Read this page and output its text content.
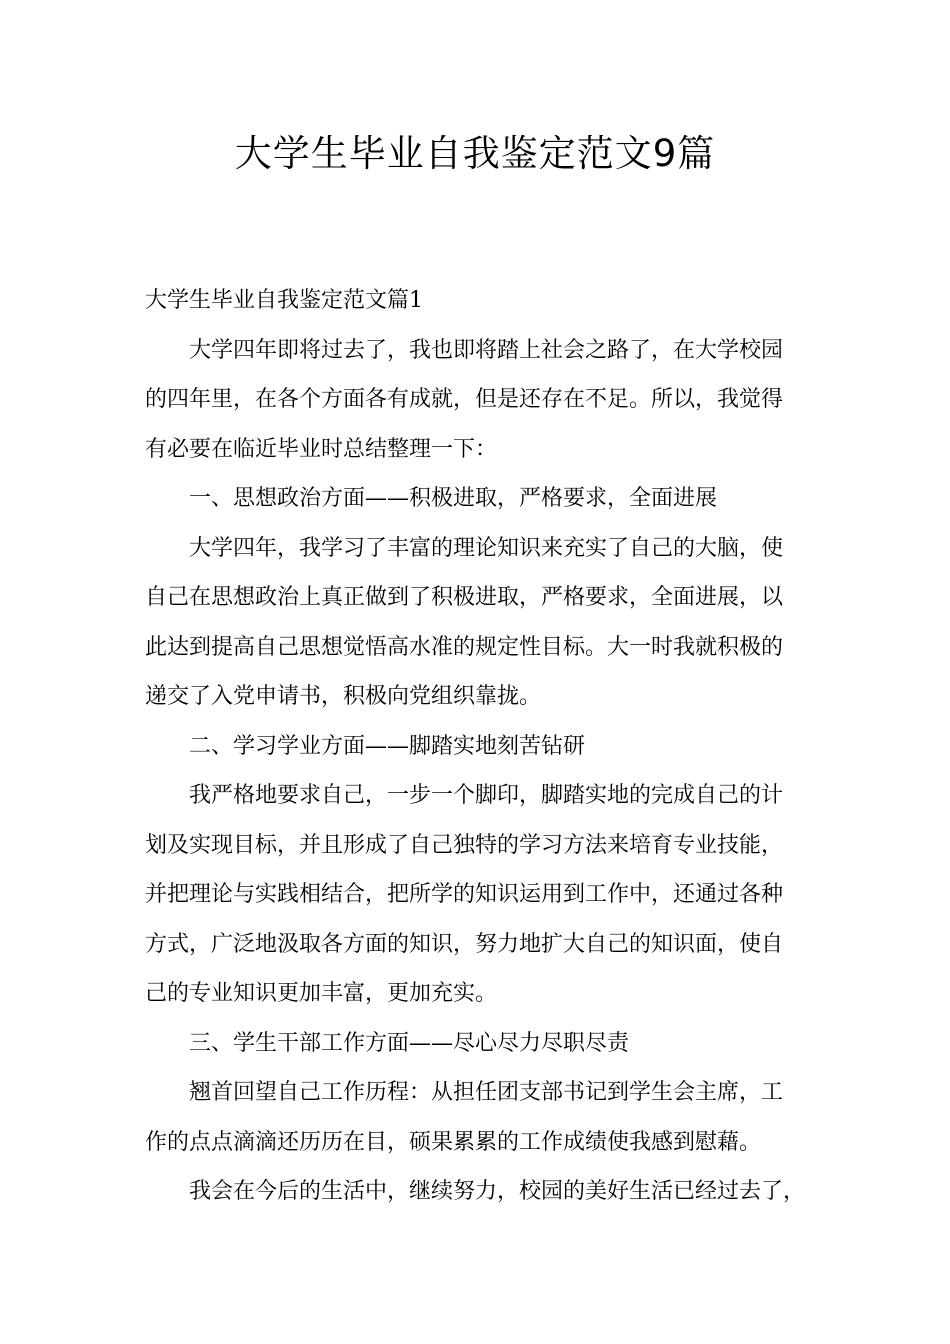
大学生毕业自我鉴定范文9篇

大学生毕业自我鉴定范文篇1

大学四年即将过去了，我也即将踏上社会之路了，在大学校园

的四年里，在各个方面各有成就，但是还存在不足。所以，我觉得

有必要在临近毕业时总结整理一下：

一、思想政治方面——积极进取，严格要求，全面进展

大学四年，我学习了丰富的理论知识来充实了自己的大脑，使

自己在思想政治上真正做到了积极进取，严格要求，全面进展，以

此达到提高自己思想觉悟高水准的规定性目标。大一时我就积极的

递交了入党申请书，积极向党组织靠拢。

二、学习学业方面——脚踏实地刻苦钻研

我严格地要求自己，一步一个脚印，脚踏实地的完成自己的计

划及实现目标，并且形成了自己独特的学习方法来培育专业技能，

并把理论与实践相结合，把所学的知识运用到工作中，还通过各种

方式，广泛地汲取各方面的知识，努力地扩大自己的知识面，使自

己的专业知识更加丰富，更加充实。

三、学生干部工作方面——尽心尽力尽职尽责

翘首回望自己工作历程：从担任团支部书记到学生会主席，工

作的点点滴滴还历历在目，硕果累累的工作成绩使我感到慰藉。

我会在今后的生活中，继续努力，校园的美好生活已经过去了，
